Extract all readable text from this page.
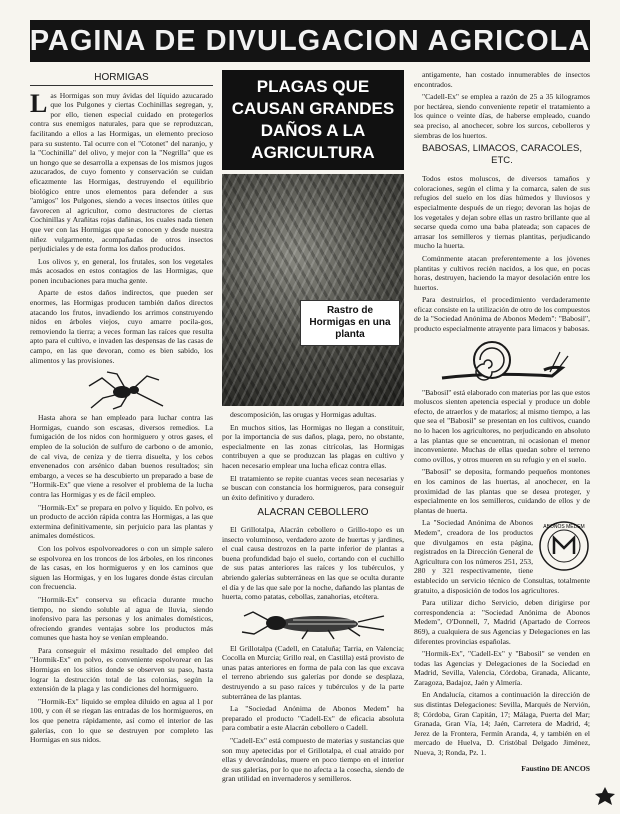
PAGINA DE DIVULGACION AGRICOLA
HORMIGAS

Las Hormigas son muy ávidas del líquido azucarado que los Pulgones y ciertas Cochinillas segregan, y, por ello, tienen especial cuidado en protegerlos contra sus enemigos naturales, para que se reproduzcan, facilitando a ellos a las Hormigas, un elemento precioso para su sustento. Tal ocurre con el "Cotonet" del naranjo, y la "Cochinilla" del olivo, y mejor con la "Negrilla" que es un hongo que se desarrolla a expensas de los mismos jugos azucarados, de cuyo fomento y conservación se cuidan eficazmente las Hormigas, destruyendo el equilibrio biológico entre unos elementos para defender a sus "amigos" los Pulgones, siendo a veces insectos útiles que favorecen al agricultor, como destructores de ciertas Cochinillas y Arañitas rojas dañinas, los cuales nada tienen que ver con las Hormigas que se conocen y desde nuestra niñez vulgarmente, acompañadas de otros insectos perjudiciales y de esta forma los daños producidos.

Los olivos y, en general, los frutales, son los vegetales más acosados en estos contagios de las Hormigas, que ponen incubaciones para mucha gente.

Aparte de estos daños indirectos, que pueden ser enormes, las Hormigas producen también daños directos atacando los frutos, invadiendo los arrimos construyendo nidos en árboles viejos, cuyo amarre pocila-gos, removiendo la tierra; a veces forman las raíces que resulta apto para el cultivo, e invaden las despensas de las casas de campo, en las que devoran, como es bien sabido, los alimentos y las provisiones.

Hasta ahora se han empleado para luchar contra las Hormigas, cuando son escasas, diversos remedios. La fumigación de los nidos con hormiguero y otros gases, el empleo de la solución de sulfuro de carbono o de amonio, de cal viva, de ceniza y de tierra disuelta, y los cebos envenenados con arsénico daban buenos resultados; sin embargo, a veces se ha descubierto un preparado a base de "Hormik-Ex" que viene a resolver el problema de la lucha contra las Hormigas y es de fácil empleo.

"Hormik-Ex" se prepara en polvo y líquido. En polvo, es un producto de acción rápida contra las Hormigas, a las que extermina definitivamente, sin perjuicio para las plantas y animales domésticos.

Con los polvos espolvoreadores o con un simple salero se espolvorea en los troncos de los árboles, en los rincones de las casas, en los hormigueros y en los caminos que siguen las Hormigas, y en los lugares donde éstas circulan con frecuencia.

"Hormik-Ex" conserva su eficacia durante mucho tiempo, no siendo soluble al agua de lluvia, siendo inofensivo para las personas y los animales domésticos, ofreciendo grandes ventajas sobre los productos más comunes que hasta hoy se venían empleando.

Para conseguir el máximo resultado del empleo del "Hormik-Ex" en polvo, es conveniente espolvorear en las Hormigas en los sitios donde se observen su paso, hasta lograr la destrucción total de las colonias, según la extensión de la plaga y las condiciones del hormiguero.

"Hormik-Ex" líquido se emplea diluido en agua al 1 por 100, y con él se riegan las entradas de los hormigueros, en los que penetra rápidamente, así como el interior de las galerías, con lo que se destruyen por completo las Hormigas en sus nidos.

PLAGAS QUE CAUSAN GRANDES DAÑOS A LA AGRICULTURA
Rastro de Hormigas en una planta

descomposición, las orugas y Hormigas adultas.

En muchos sitios, las Hormigas no llegan a constituir, por la importancia de sus daños, plaga, pero, no obstante, especialmente en las zonas citrícolas, las Hormigas contribuyen a que se produzcan las plagas en cultivo y hacen necesario emplear una lucha eficaz contra ellas.

El tratamiento se repite cuantas veces sean necesarias y se buscan con constancia los hormigueros, para conseguir un éxito definitivo y duradero.

ALACRAN CEBOLLERO

El Grillotalpa, Alacrán cebollero o Grillo-topo es un insecto voluminoso, verdadero azote de huertas y jardines, el cual causa destrozos en la parte inferior de plantas a buena profundidad bajo el suelo, cortando con el cuchillo de sus patas anteriores las raíces y los tubérculos, y abriendo galerías subterráneas en las que se oculta durante el día y de las que sale por la noche, dañando las plantas de huerta, como patatas, cebollas, zanahorias, etcétera.

El Grillotalpa (Cadell, en Cataluña; Tarria, en Valencia; Cocolla en Murcia; Grillo real, en Castilla) está provisto de unas patas anteriores en forma de pala con las que excava el terreno abriendo sus galerías por donde se desplaza, destruyendo a su paso raíces y tubérculos y de la parte subterránea de las plantas.

La "Sociedad Anónima de Abonos Medem" ha preparado el producto "Cadell-Ex" de eficacia absoluta para combatir a este Alacrán cebollero o Cadell.

"Cadell-Ex" está compuesto de materias y sustancias que son muy apetecidas por el Grillotalpa, el cual atraído por ellas y devorándolas, muere en poco tiempo en el interior de sus galerías, por lo que no afecta a la cosecha, siendo de gran utilidad en invernaderos y semilleros.

antigamente, han costado innumerables de insectos encontrados.

"Cadell-Ex" se emplea a razón de 25 a 35 kilogramos por hectárea, siendo conveniente repetir el tratamiento a los quince o veinte días, de haberse empleado, cuando sea preciso, al anochecer, sobre los surcos, cebolleros y siembras de los huertos.

BABOSAS, LIMACOS, CARACOLES, ETC.

Todos estos moluscos, de diversos tamaños y coloraciones, según el clima y la comarca, salen de sus refugios del suelo en los días húmedos y lluviosos y especialmente después de un riego; devoran las hojas de los vegetales y dejan sobre ellas un rastro brillante que al secarse queda como una baba plateada; son capaces de arrasar los semilleros y tiernas plantitas, perjudicando mucho la huerta.

Comúnmente atacan preferentemente a los jóvenes plantitas y cultivos recién nacidos, a los que, en pocas horas, destruyen, haciendo la mayor desolación entre los huertos.

Para destruirlos, el procedimiento verdaderamente eficaz consiste en la utilización de otro de los compuestos de la "Sociedad Anónima de Abonos Medem": "Babosil", producto especialmente atrayente para limacos y babosas.

"Babosil" está elaborado con materias por las que estos moluscos sienten apetencia especial y produce un doble efecto, de atraerlos y de matarlos; al mismo tiempo, a las que sea el "Babosil" se presentan en los cultivos, cuando no lo hacen los agricultores, no perjudicando en absoluto a las plantas que se encuentran, ni ocasionan el menor inconveniente. Muchas de ellas quedan sobre el terreno como ovillos, y otros mueren en su refugio y en el suelo.

"Babosil" se deposita, formando pequeños montones en los caminos de las huertas, al anochecer, en la proximidad de las plantas que se desea proteger, y especialmente en los semilleros, cuidando de ellos y de plantas de huerta.

ABONOS MEDEM

La "Sociedad Anónima de Abonos Medem", creadora de los productos que divulgamos en esta página, registrados en la Dirección General de Agricultura con los números 251, 253, 280 y 321 respectivamente, tiene establecido un servicio técnico de Consultas, totalmente gratuito, a disposición de todos los agricultores.

Para utilizar dicho Servicio, deben dirigirse por correspondencia a: "Sociedad Anónima de Abonos Medem", O'Donnell, 7, Madrid (Apartado de Correos 869), a cualquiera de sus Agencias y Delegaciones en las diferentes provincias españolas.

"Hormik-Ex", "Cadell-Ex" y "Babosil" se venden en todas las Agencias y Delegaciones de la Sociedad en Madrid, Sevilla, Valencia, Córdoba, Granada, Alicante, Zaragoza, Badajoz, Jaén y Almería.

En Andalucía, citamos a continuación la dirección de sus distintas Delegaciones: Sevilla, Marqués de Nervión, 8; Córdoba, Gran Capitán, 17; Málaga, Puerta del Mar; Granada, Gran Vía, 14; Jaén, Carretera de Madrid, 4; Jerez de la Frontera, Fermín Aranda, 4, y también en el mercado de Huelva, D. Cristóbal Delgado Jiménez, Nueva, 3; Ronda, Pz. 1.

Faustino DE ANCOS
